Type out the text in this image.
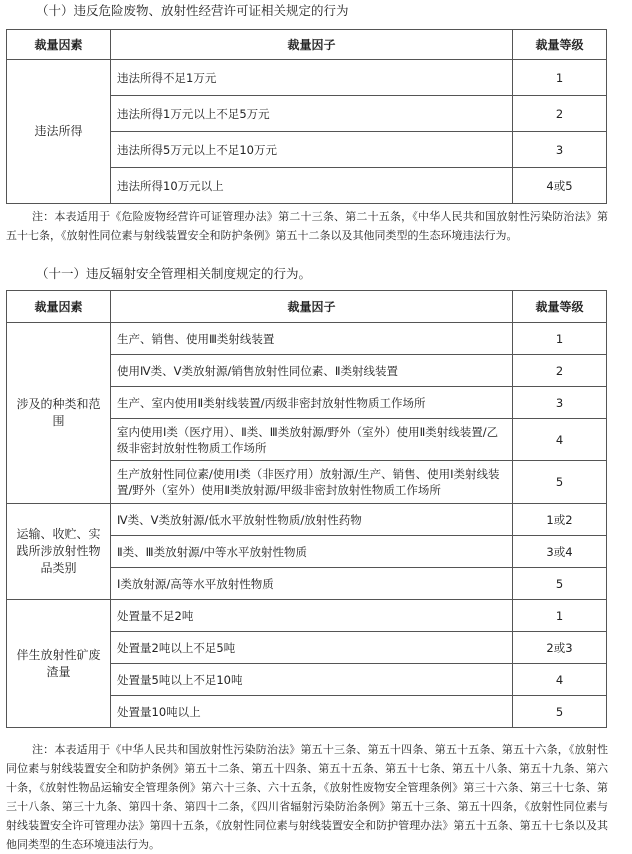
（十）违反危险废物、放射性经营许可证相关规定的行为
裁量因素	裁量因子	裁量等级
违法所得	违法所得不足1万元	1
	违法所得1万元以上不足5万元	2
	违法所得5万元以上不足10万元	3
	违法所得10万元以上	4或5
注：本表适用于《危险废物经营许可证管理办法》第二十三条、第二十五条，《中华人民共和国放射性污染防治法》第五十七条，《放射性同位素与射线装置安全和防护条例》第五十二条以及其他同类型的生态环境违法行为。
（十一）违反辐射安全管理相关制度规定的行为。
裁量因素	裁量因子	裁量等级
涉及的种类和范围	生产、销售、使用Ⅲ类射线装置	1
	使用Ⅳ类、Ⅴ类放射源/销售放射性同位素、Ⅱ类射线装置	2
	生产、室内使用Ⅱ类射线装置/丙级非密封放射性物质工作场所	3
	室内使用Ⅰ类（医疗用）、Ⅱ类、Ⅲ类放射源/野外（室外）使用Ⅱ类射线装置/乙级非密封放射性物质工作场所	4
	生产放射性同位素/使用Ⅰ类（非医疗用）放射源/生产、销售、使用Ⅰ类射线装置/野外（室外）使用Ⅱ类放射源/甲级非密封放射性物质工作场所	5
运输、收贮、实践所涉放射性物品类别	Ⅳ类、Ⅴ类放射源/低水平放射性物质/放射性药物	1或2
	Ⅱ类、Ⅲ类放射源/中等水平放射性物质	3或4
	Ⅰ类放射源/高等水平放射性物质	5
伴生放射性矿废渣量	处置量不足2吨	1
	处置量2吨以上不足5吨	2或3
	处置量5吨以上不足10吨	4
	处置量10吨以上	5
注：本表适用于《中华人民共和国放射性污染防治法》第五十三条、第五十四条、第五十五条、第五十六条，《放射性同位素与射线装置安全和防护条例》第五十二条、第五十四条、第五十五条、第五十七条、第五十八条、第五十九条、第六十条，《放射性物品运输安全管理条例》第六十三条、六十五条，《放射性废物安全管理条例》第三十六条、第三十七条、第三十八条、第三十九条、第四十条、第四十二条，《四川省辐射污染防治条例》第五十三条、第五十四条，《放射性同位素与射线装置安全许可管理办法》第四十五条，《放射性同位素与射线装置安全和防护管理办法》第五十五条、第五十七条以及其他同类型的生态环境违法行为。
